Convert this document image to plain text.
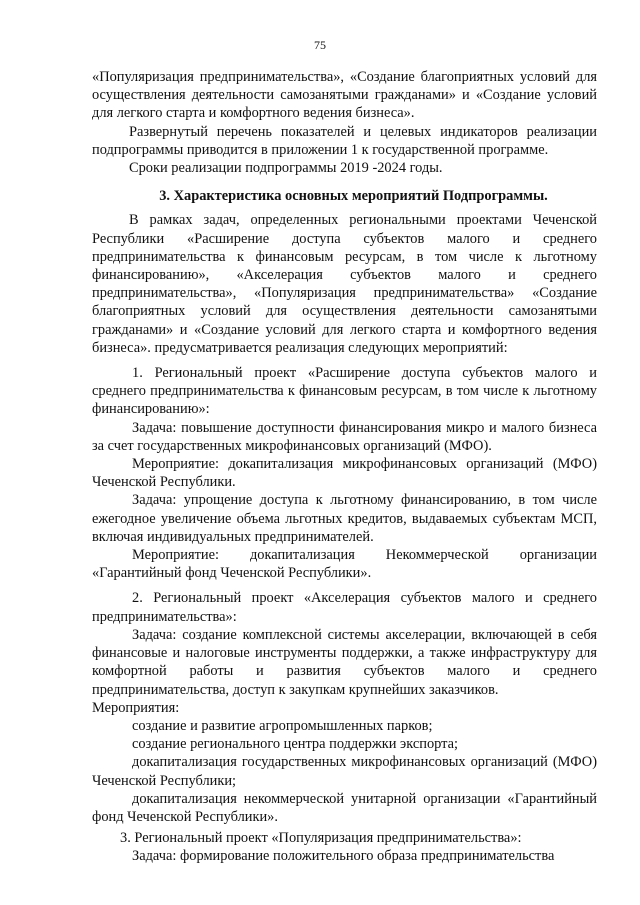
75

«Популяризация предпринимательства», «Создание благоприятных условий для осуществления деятельности самозанятыми гражданами» и «Создание условий для легкого старта и комфортного ведения бизнеса».

Развернутый перечень показателей и целевых индикаторов реализации подпрограммы приводится в приложении 1 к государственной программе.

Сроки реализации подпрограммы 2019 -2024 годы.

3. Характеристика основных мероприятий Подпрограммы.

В рамках задач, определенных региональными проектами Чеченской Республики «Расширение доступа субъектов малого и среднего предпринимательства к финансовым ресурсам, в том числе к льготному финансированию», «Акселерация субъектов малого и среднего предпринимательства», «Популяризация предпринимательства» «Создание благоприятных условий для осуществления деятельности самозанятыми гражданами» и «Создание условий для легкого старта и комфортного ведения бизнеса». предусматривается реализация следующих мероприятий:

1. Региональный проект «Расширение доступа субъектов малого и среднего предпринимательства к финансовым ресурсам, в том числе к льготному финансированию»:

Задача: повышение доступности финансирования микро и малого бизнеса за счет государственных микрофинансовых организаций (МФО).

Мероприятие: докапитализация микрофинансовых организаций (МФО) Чеченской Республики.

Задача: упрощение доступа к льготному финансированию, в том числе ежегодное увеличение объема льготных кредитов, выдаваемых субъектам МСП, включая индивидуальных предпринимателей.

Мероприятие: докапитализация Некоммерческой организации «Гарантийный фонд Чеченской Республики».

2. Региональный проект «Акселерация субъектов малого и среднего предпринимательства»:

Задача: создание комплексной системы акселерации, включающей в себя финансовые и налоговые инструменты поддержки, а также инфраструктуру для комфортной работы и развития субъектов малого и среднего предпринимательства, доступ к закупкам крупнейших заказчиков.

Мероприятия:

создание и развитие агропромышленных парков;

создание регионального центра поддержки экспорта;

докапитализация государственных микрофинансовых организаций (МФО) Чеченской Республики;

докапитализация некоммерческой унитарной организации «Гарантийный фонд Чеченской Республики».

3. Региональный проект «Популяризация предпринимательства»:

Задача: формирование положительного образа предпринимательства
